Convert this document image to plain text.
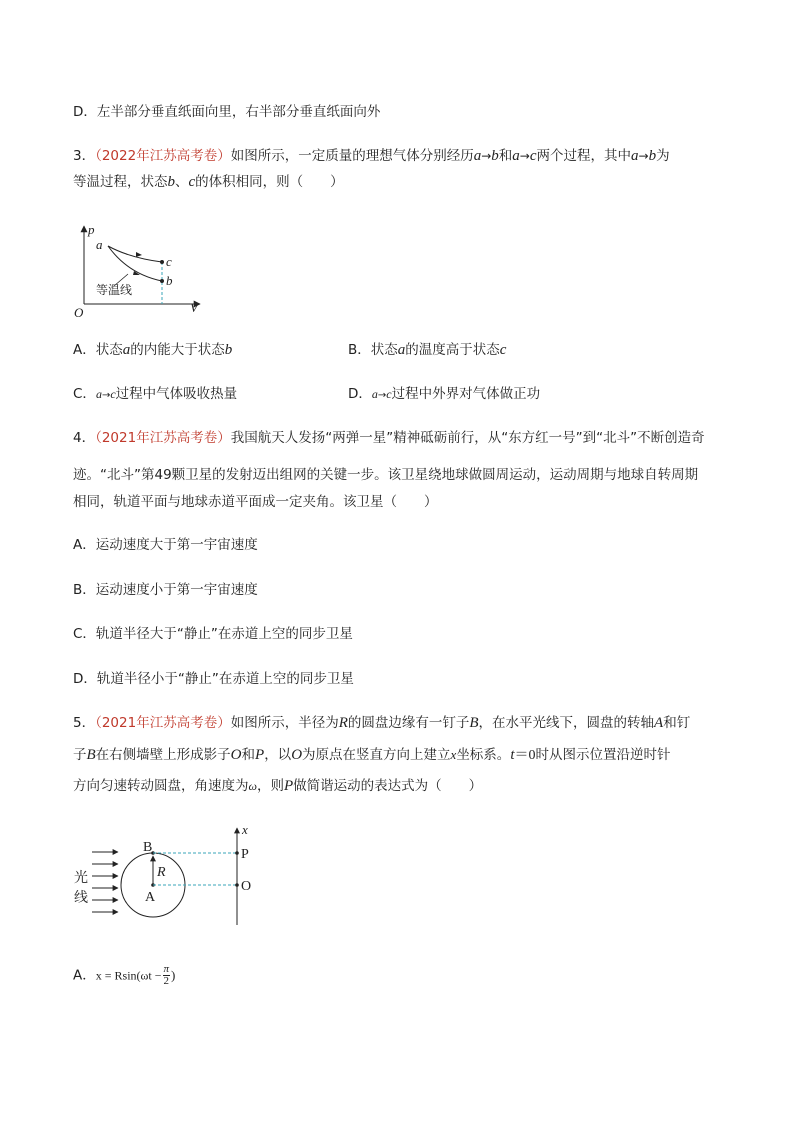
D．左半部分垂直纸面向里，右半部分垂直纸面向外
3．（2022年江苏高考卷）如图所示，一定质量的理想气体分别经历a→b和a→c两个过程，其中a→b为
等温过程，状态b、c的体积相同，则（　　）
p
a
c
b
等温线
V
O
A．状态a的内能大于状态b	B．状态a的温度高于状态c
C．a→c过程中气体吸收热量	D．a→c过程中外界对气体做正功
4．（2021年江苏高考卷）我国航天人发扬“两弹一星”精神砥砺前行，从“东方红一号”到“北斗”不断创造奇
迹。“北斗”第49颗卫星的发射迈出组网的关键一步。该卫星绕地球做圆周运动，运动周期与地球自转周期
相同，轨道平面与地球赤道平面成一定夹角。该卫星（　　）
A．运动速度大于第一宇宙速度
B．运动速度小于第一宇宙速度
C．轨道半径大于“静止”在赤道上空的同步卫星
D．轨道半径小于“静止”在赤道上空的同步卫星
5．（2021年江苏高考卷）如图所示，半径为R的圆盘边缘有一钉子B，在水平光线下，圆盘的转轴A和钉
子B在右侧墙壁上形成影子O和P，以O为原点在竖直方向上建立x坐标系。t＝0时从图示位置沿逆时针
方向匀速转动圆盘，角速度为ω，则P做简谐运动的表达式为（　　）
光
线
x
B	P
R
A
O
A．$x = Rsin(\omega t - \frac{\pi}{2}$ )
